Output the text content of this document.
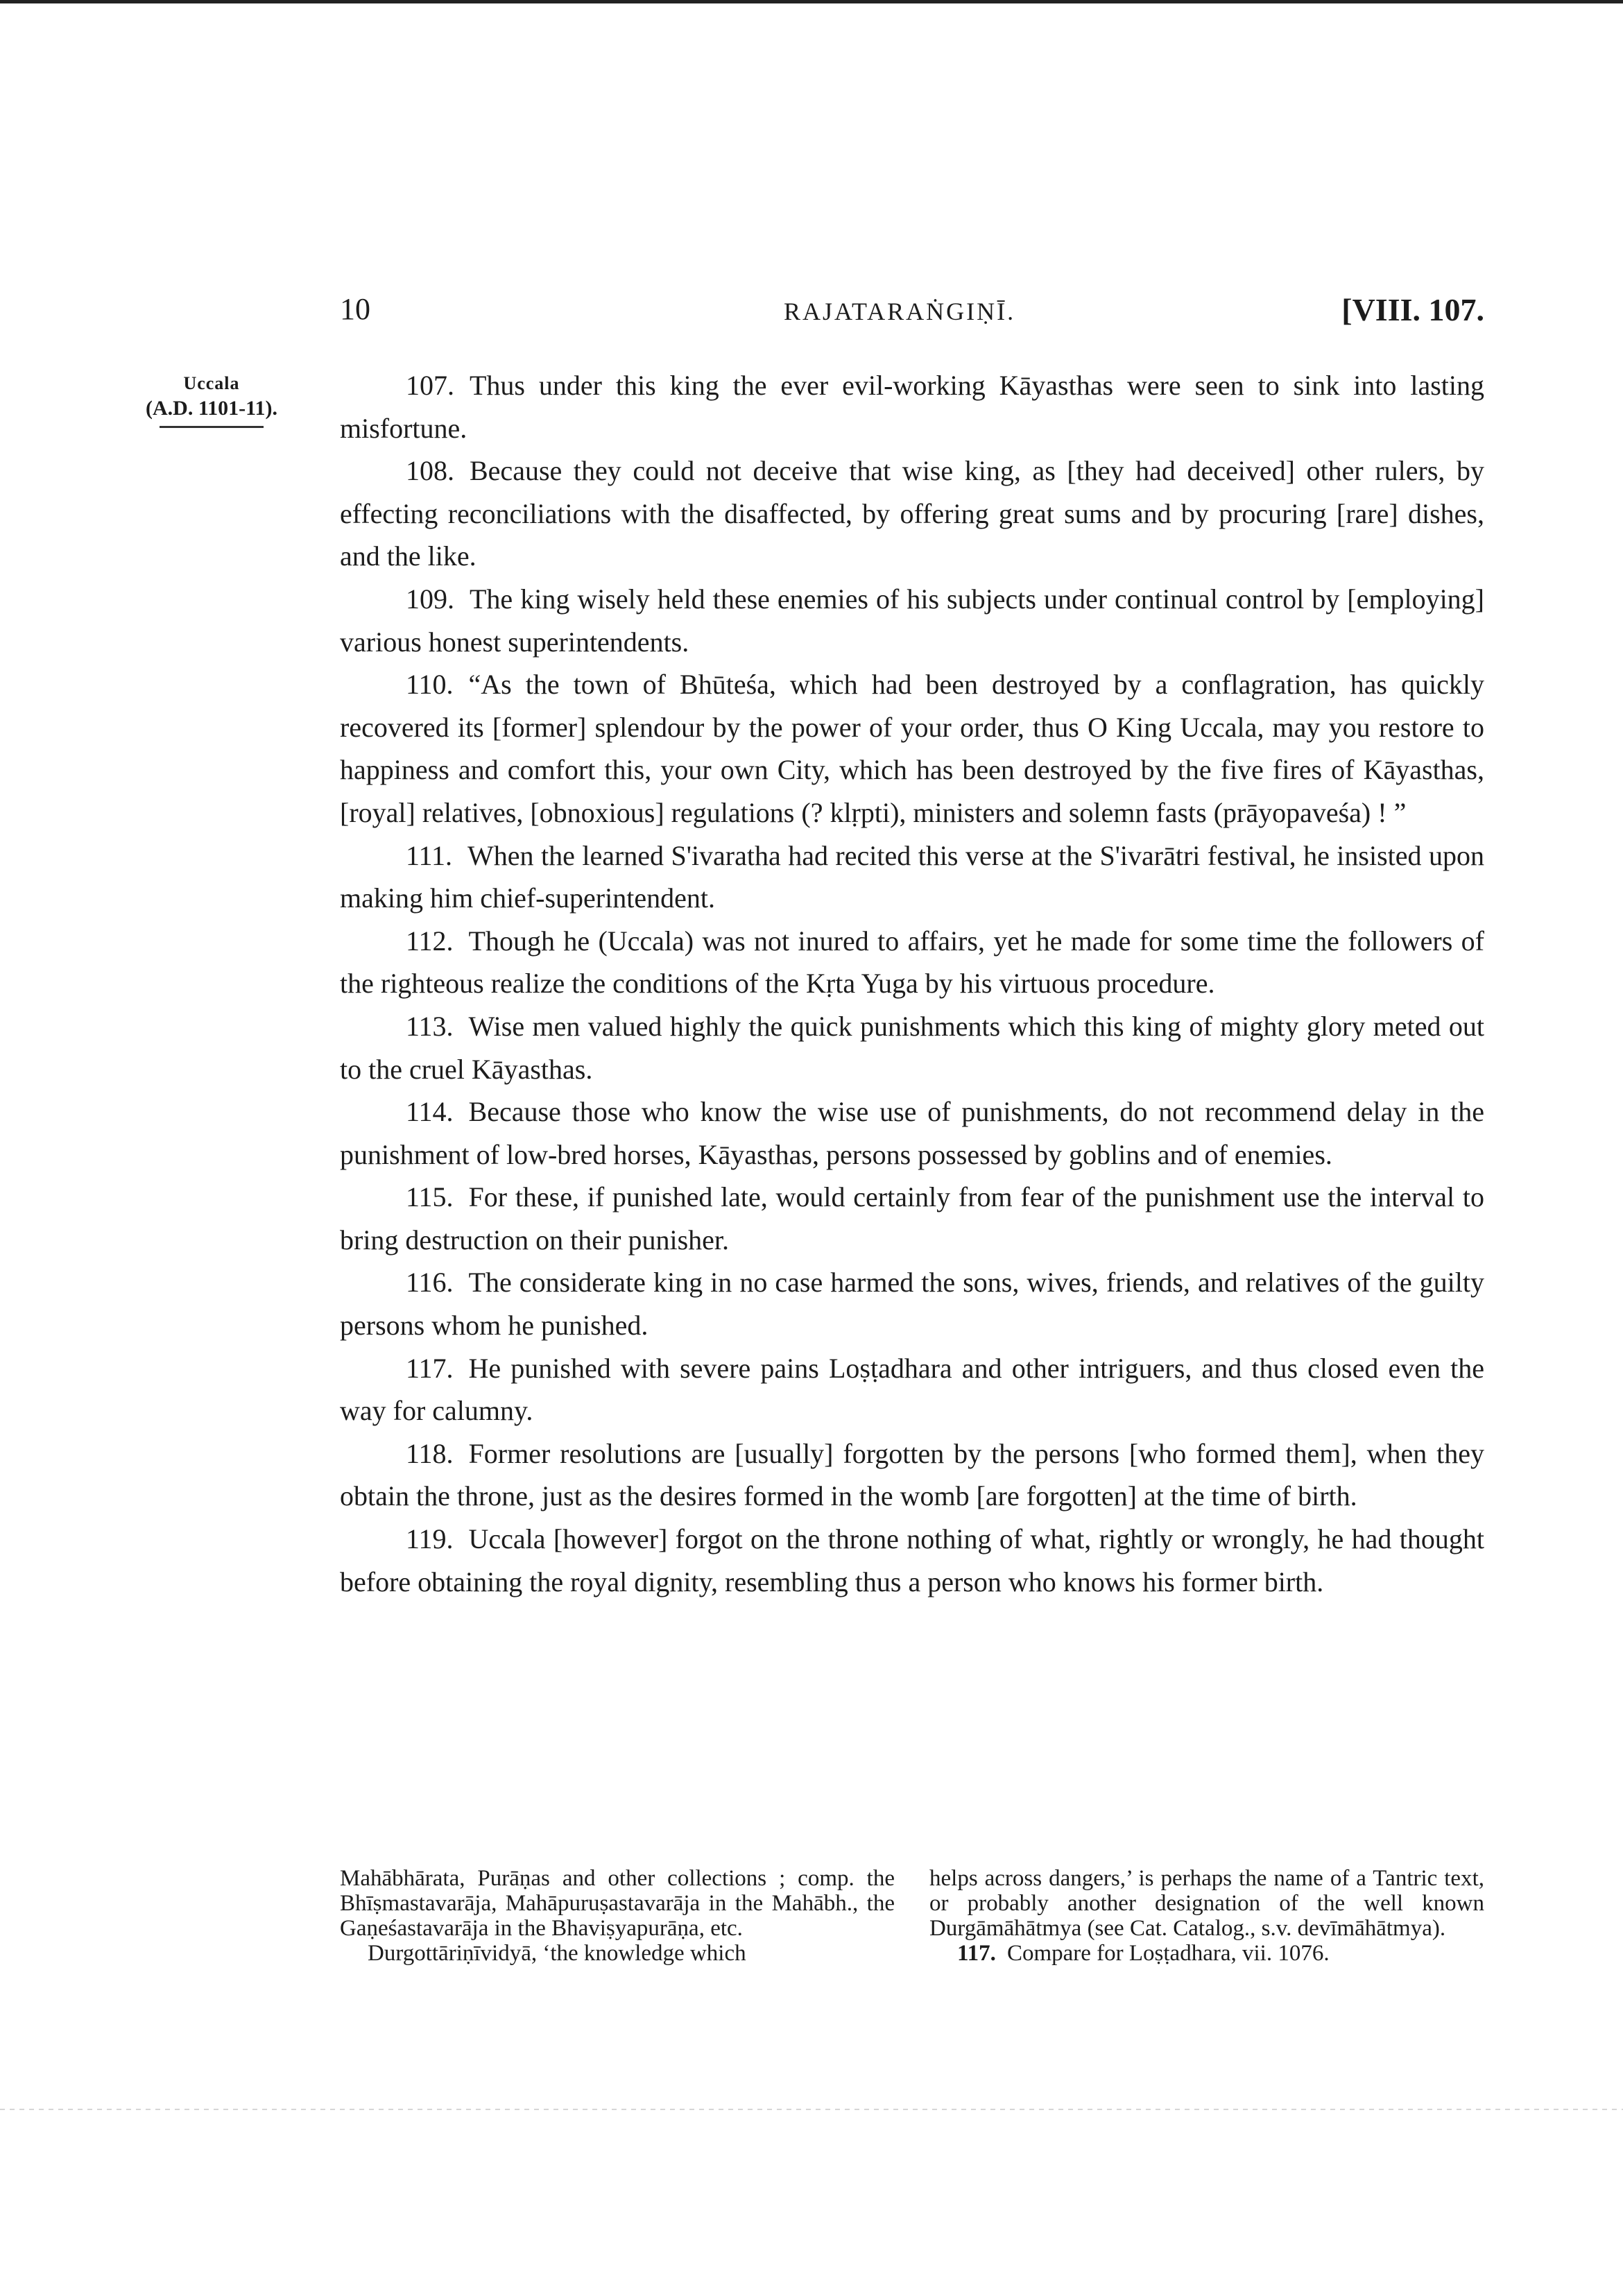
10	RAJATARAṄGIṆĪ.	[VIII. 107.
Uccala
(A.D. 1101-11).

107. Thus under this king the ever evil-working Kāyasthas were seen to sink into lasting misfortune.

108. Because they could not deceive that wise king, as [they had deceived] other rulers, by effecting reconciliations with the disaffected, by offering great sums and by procuring [rare] dishes, and the like.

109. The king wisely held these enemies of his subjects under continual control by [employing] various honest superintendents.

110. “As the town of Bhūteśa, which had been destroyed by a conflagration, has quickly recovered its [former] splendour by the power of your order, thus O King Uccala, may you restore to happiness and comfort this, your own City, which has been destroyed by the five fires of Kāyasthas, [royal] relatives, [obnoxious] regulations (? klṛpti), ministers and solemn fasts (prāyopaveśa) ! ”

111. When the learned S'ivaratha had recited this verse at the S'ivarātri festival, he insisted upon making him chief-superintendent.

112. Though he (Uccala) was not inured to affairs, yet he made for some time the followers of the righteous realize the conditions of the Kṛta Yuga by his virtuous procedure.

113. Wise men valued highly the quick punishments which this king of mighty glory meted out to the cruel Kāyasthas.

114. Because those who know the wise use of punishments, do not recommend delay in the punishment of low-bred horses, Kāyasthas, persons possessed by goblins and of enemies.

115. For these, if punished late, would certainly from fear of the punishment use the interval to bring destruction on their punisher.

116. The considerate king in no case harmed the sons, wives, friends, and relatives of the guilty persons whom he punished.

117. He punished with severe pains Loṣṭadhara and other intriguers, and thus closed even the way for calumny.

118. Former resolutions are [usually] forgotten by the persons [who formed them], when they obtain the throne, just as the desires formed in the womb [are forgotten] at the time of birth.

119. Uccala [however] forgot on the throne nothing of what, rightly or wrongly, he had thought before obtaining the royal dignity, resembling thus a person who knows his former birth.

Mahābhārata, Purāṇas and other collections ; comp. the Bhīṣmastavarāja, Mahāpuruṣastavarāja in the Mahābh., the Gaṇeśastavarāja in the Bhaviṣyapurāṇa, etc.

Durgottāriṇīvidyā, ‘the knowledge which

helps across dangers,’ is perhaps the name of a Tantric text, or probably another designation of the well known Durgāmāhātmya (see Cat. Catalog., s.v. devīmāhātmya).

117. Compare for Loṣṭadhara, vii. 1076.
